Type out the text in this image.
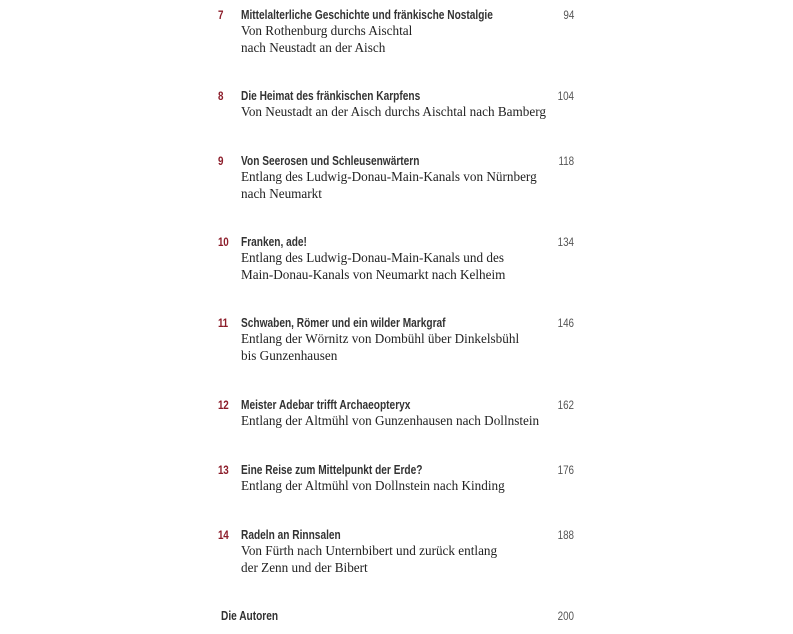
7	Mittelalterliche Geschichte und fränkische Nostalgie	94
Von Rothenburg durchs Aischtal
nach Neustadt an der Aisch
8	Die Heimat des fränkischen Karpfens	104
Von Neustadt an der Aisch durchs Aischtal nach Bamberg
9	Von Seerosen und Schleusenwärtern	118
Entlang des Ludwig-Donau-Main-Kanals von Nürnberg
nach Neumarkt
10 Franken, ade!	134
Entlang des Ludwig-Donau-Main-Kanals und des
Main-Donau-Kanals von Neumarkt nach Kelheim
11	Schwaben, Römer und ein wilder Markgraf	146
Entlang der Wörnitz von Dombühl über Dinkelsbühl
bis Gunzenhausen
12 Meister Adebar trifft Archaeopteryx	162
Entlang der Altmühl von Gunzenhausen nach Dollnstein
13 Eine Reise zum Mittelpunkt der Erde?	176
Entlang der Altmühl von Dollnstein nach Kinding
14 Radeln an Rinnsalen	188
Von Fürth nach Unternbibert und zurück entlang
der Zenn und der Bibert
Die Autoren	200
